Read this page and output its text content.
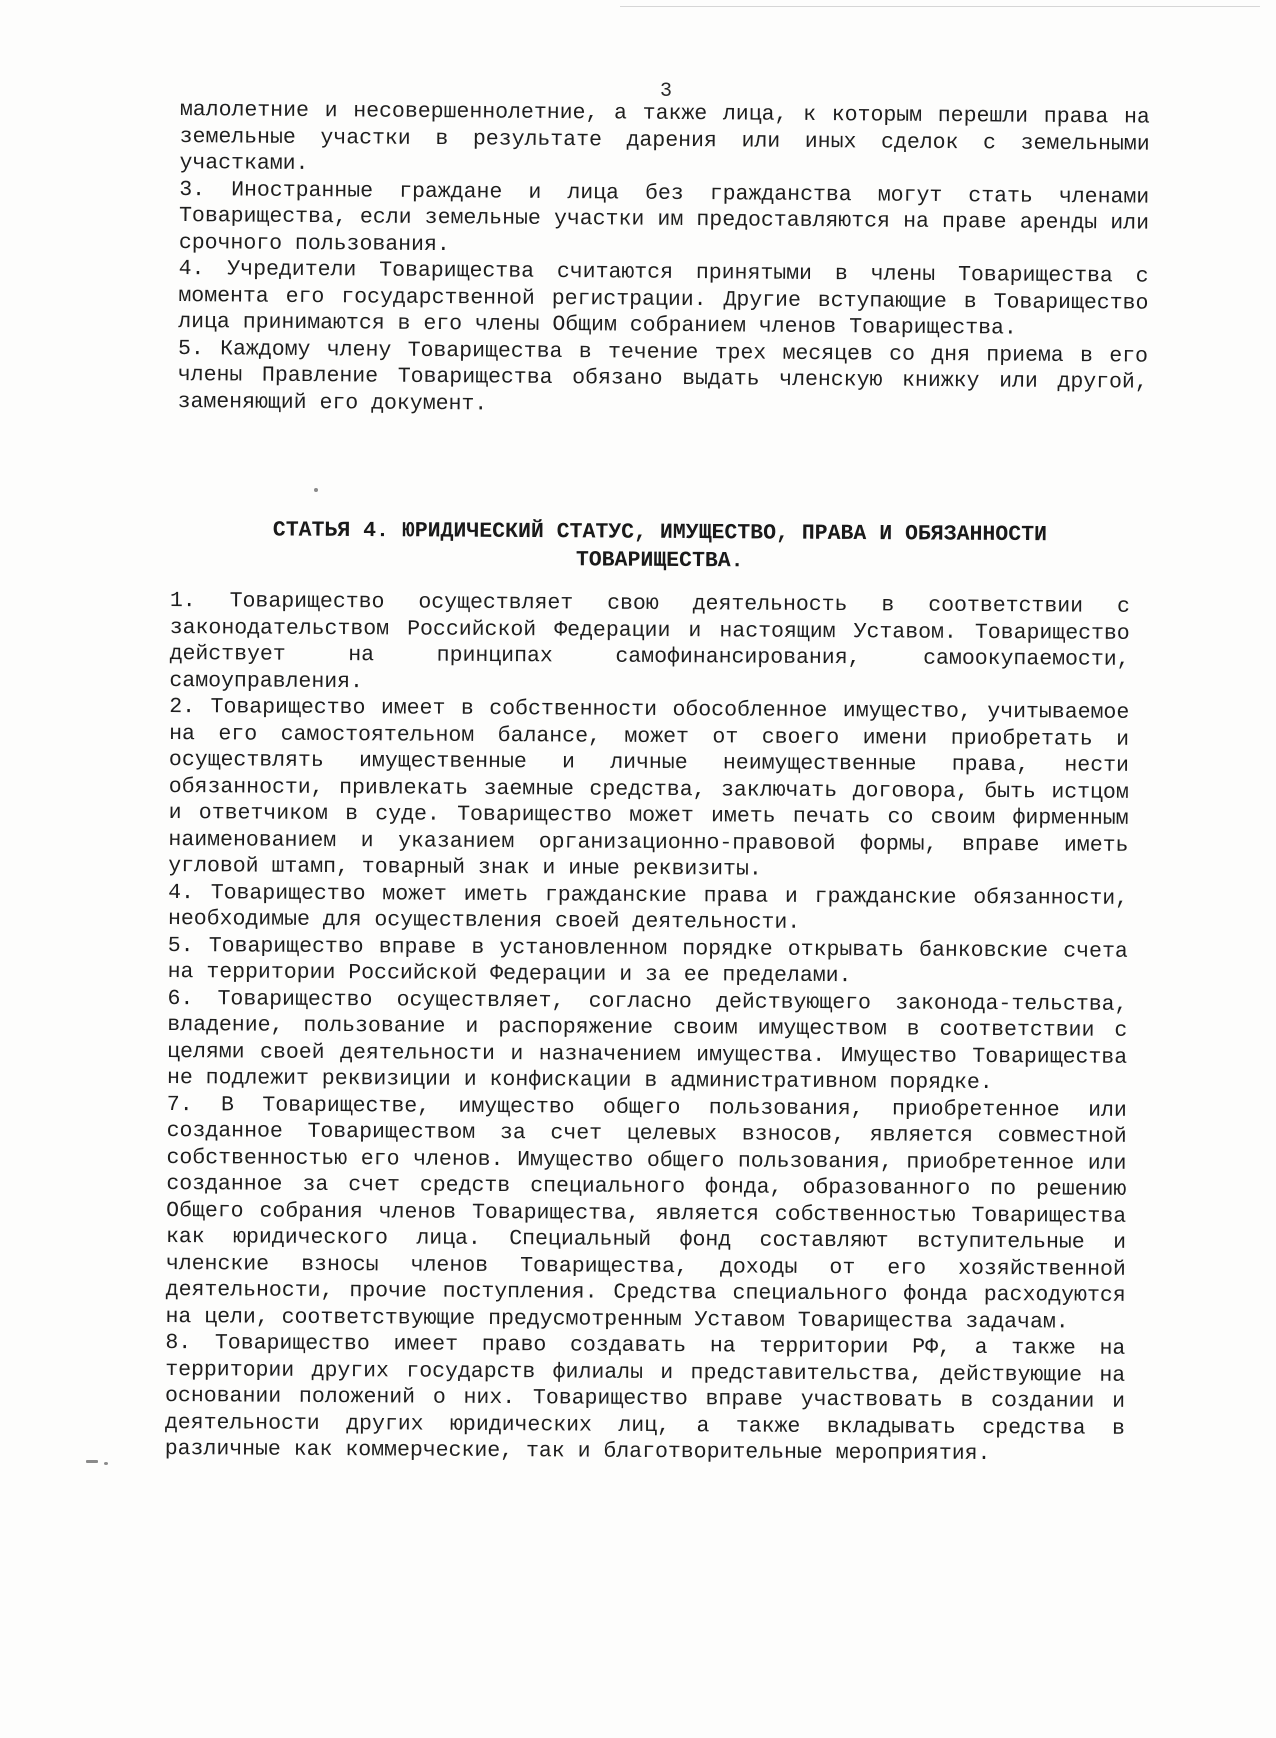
3

малолетние и несовершеннолетние, а также лица, к которым перешли права на земельные участки в результате дарения или иных сделок с земельными участками.

3. Иностранные граждане и лица без гражданства могут стать членами Товарищества, если земельные участки им предоставляются на праве аренды или срочного пользования.

4. Учредители Товарищества считаются принятыми в члены Товарищества с момента его государственной регистрации. Другие вступающие в Товарищество лица принимаются в его члены Общим собранием членов Товарищества.

5. Каждому члену Товарищества в течение трех месяцев со дня приема в его члены Правление Товарищества обязано выдать членскую книжку или другой, заменяющий его документ.

СТАТЬЯ 4. ЮРИДИЧЕСКИЙ СТАТУС, ИМУЩЕСТВО, ПРАВА И ОБЯЗАННОСТИ ТОВАРИЩЕСТВА.

1. Товарищество осуществляет свою деятельность в соответствии с законодательством Российской Федерации и настоящим Уставом. Товарищество действует на принципах самофинансирования, самоокупаемости, самоуправления.

2. Товарищество имеет в собственности обособленное имущество, учитываемое на его самостоятельном балансе, может от своего имени приобретать и осуществлять имущественные и личные неимущественные права, нести обязанности, привлекать заемные средства, заключать договора, быть истцом и ответчиком в суде. Товарищество может иметь печать со своим фирменным наименованием и указанием организационно-правовой формы, вправе иметь угловой штамп, товарный знак и иные реквизиты.

4. Товарищество может иметь гражданские права и гражданские обязанности, необходимые для осуществления своей деятельности.

5. Товарищество вправе в установленном порядке открывать банковские счета на территории Российской Федерации и за ее пределами.

6. Товарищество осуществляет, согласно действующего законода-тельства, владение, пользование и распоряжение своим имуществом в соответствии с целями своей деятельности и назначением имущества. Имущество Товарищества не подлежит реквизиции и конфискации в административном порядке.

7. В Товариществе, имущество общего пользования, приобретенное или созданное Товариществом за счет целевых взносов, является совместной собственностью его членов. Имущество общего пользования, приобретенное или созданное за счет средств специального фонда, образованного по решению Общего собрания членов Товарищества, является собственностью Товарищества как юридического лица. Специальный фонд составляют вступительные и членские взносы членов Товарищества, доходы от его хозяйственной деятельности, прочие поступления. Средства специального фонда расходуются на цели, соответствующие предусмотренным Уставом Товарищества задачам.

8. Товарищество имеет право создавать на территории РФ, а также на территории других государств филиалы и представительства, действующие на основании положений о них. Товарищество вправе участвовать в создании и деятельности других юридических лиц, а также вкладывать средства в различные как коммерческие, так и благотворительные мероприятия.
